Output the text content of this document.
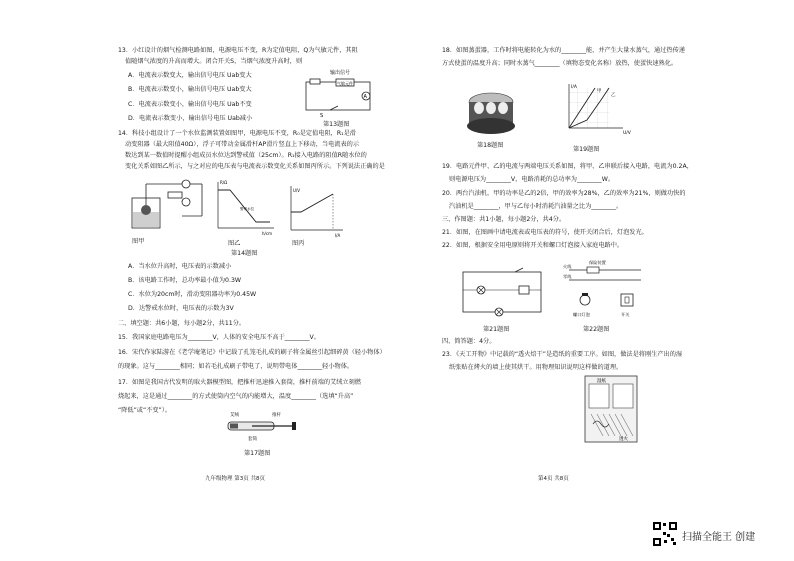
13．小红设计的烟气检测电路如图，电源电压不变，R为定值电阻，Q为气敏元件，其阻
值随烟气浓度的升高而增大。闭合开关S，当烟气浓度升高时，则
A．电流表示数变大，输出信号电压 Uab变大
B．电流表示数变小，输出信号电压 Uab变大
C．电流表示数变小，输出信号电压 Uab不变
D．电流表示数变小，输出信号电压 Uab减小
A
S
输出信号
气敏元件
第13题图
14．科技小组设计了一个水位监测装置如图甲，电源电压不变，R₀是定值电阻，R₁是滑
动变阻器（最大阻值40Ω），浮子可带动金属滑杆AP滑片竖直上下移动，当电流表的示
数达到某一数值时提醒小组成员水位达到警戒值（25cm）。R₁接入电路的阻值R随水位的
变化关系如图乙所示，与之对应的电压表与电流表示数变化关系如图丙所示。下列说法正确的是
图甲
R/Ω
h/cm
警戒水位
图乙
U/V
I/A
图丙
第14题图
A．当水位升高时，电压表的示数减小
B．该电路工作时，总功率最小值为0.3W
C．水位为20cm时，滑动变阻器功率为0.45W
D．达警戒水位时，电压表的示数为3V
二、填空题：共6小题，每小题2分，共11分。
15．我国家庭电路电压为________V，人体的安全电压不高于________V。
16．宋代作家陆游在《老学庵笔记》中记载了孔笼毛扎成的刷子将金属丝引起细碎黄（轻小物体）
的现象。这与________相同；如若毛扎成刷子带电了，说明带电体________轻小物体。
17．如图是我国古代发明的取火器模型图，把推杆迅速推入套筒，推杆前端的艾绒立刻燃
烧起来，这是通过________的方式使筒内空气的内能增大，温度________（选填“升高”
“降低”或“不变”）。
艾绒	推杆
套筒
第17题图
九年级物理 第3页 共8页
18．如图蒸蛋器，工作时将电能转化为水的________能，并产生大量水蒸气，通过热传递
方式使蛋的温度升高；同时水蒸气________（填物态变化名称）放热，使蛋快速熟化。
第18题图
I/A
U/V
甲
乙
第19题图
19．电路元件甲、乙的电流与两端电压关系如图，将甲、乙串联后接入电路，电流为0.2A，
则电源电压为________V，电路消耗的总功率为________W。
20．两台汽油机，甲的功率是乙的2倍，甲的效率为28%，乙的效率为21%，则做功快的
汽油机是________，甲与乙每小时消耗汽油量之比为________。
三、作图题：共1小题，每小题2分，共4分。
21．如图，在图画中请电流表或电压表的符号，使开关闭合后，灯泡发光。
22．如图，根据安全用电原则将开关和螺口灯泡接入家庭电路中。
第21题图
火线
零线
保险装置
螺口灯泡	开关
第22题图
四、简答题：4分。
23．《天工开物》中记载的“透火焙干”是造纸的重要工序。如图，做法是将刚生产出的湿
纸张贴在烤火的墙上使其烘干。用物理知识说明这样做的道理。
湿纸
透火
第4页 共8页
扫描全能王 创建
